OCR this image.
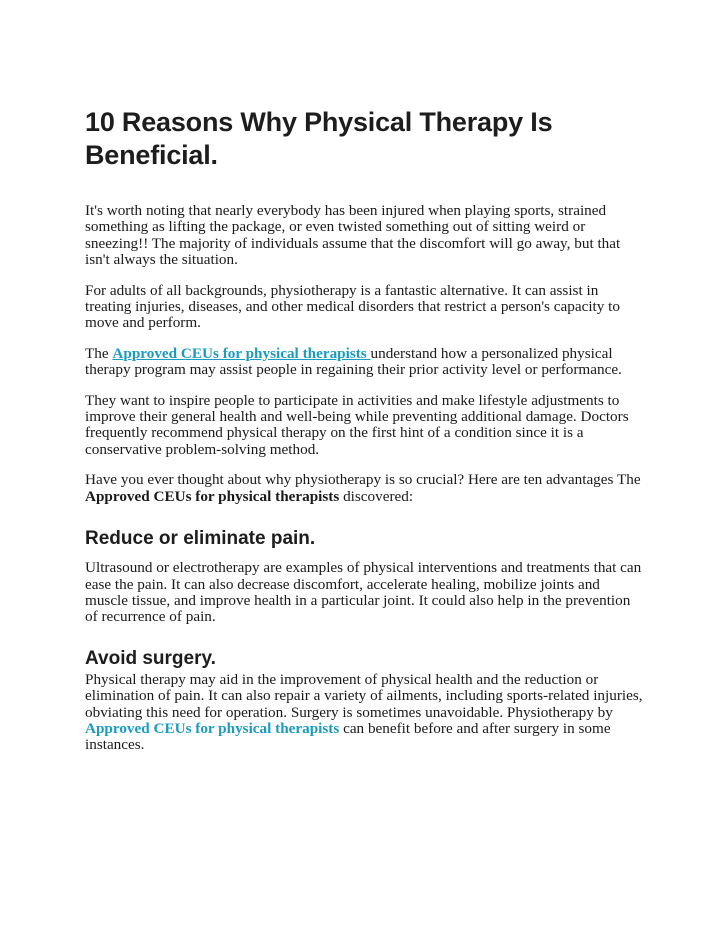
10 Reasons Why Physical Therapy Is Beneficial.

It's worth noting that nearly everybody has been injured when playing sports, strained something as lifting the package, or even twisted something out of sitting weird or sneezing!! The majority of individuals assume that the discomfort will go away, but that isn't always the situation.

For adults of all backgrounds, physiotherapy is a fantastic alternative. It can assist in treating injuries, diseases, and other medical disorders that restrict a person's capacity to move and perform.

The Approved CEUs for physical therapists understand how a personalized physical therapy program may assist people in regaining their prior activity level or performance.

They want to inspire people to participate in activities and make lifestyle adjustments to improve their general health and well-being while preventing additional damage. Doctors frequently recommend physical therapy on the first hint of a condition since it is a conservative problem-solving method.

Have you ever thought about why physiotherapy is so crucial? Here are ten advantages The Approved CEUs for physical therapists discovered:

Reduce or eliminate pain.

Ultrasound or electrotherapy are examples of physical interventions and treatments that can ease the pain. It can also decrease discomfort, accelerate healing, mobilize joints and muscle tissue, and improve health in a particular joint. It could also help in the prevention of recurrence of pain.

Avoid surgery.

Physical therapy may aid in the improvement of physical health and the reduction or elimination of pain. It can also repair a variety of ailments, including sports-related injuries, obviating this need for operation. Surgery is sometimes unavoidable. Physiotherapy by Approved CEUs for physical therapists can benefit before and after surgery in some instances.
